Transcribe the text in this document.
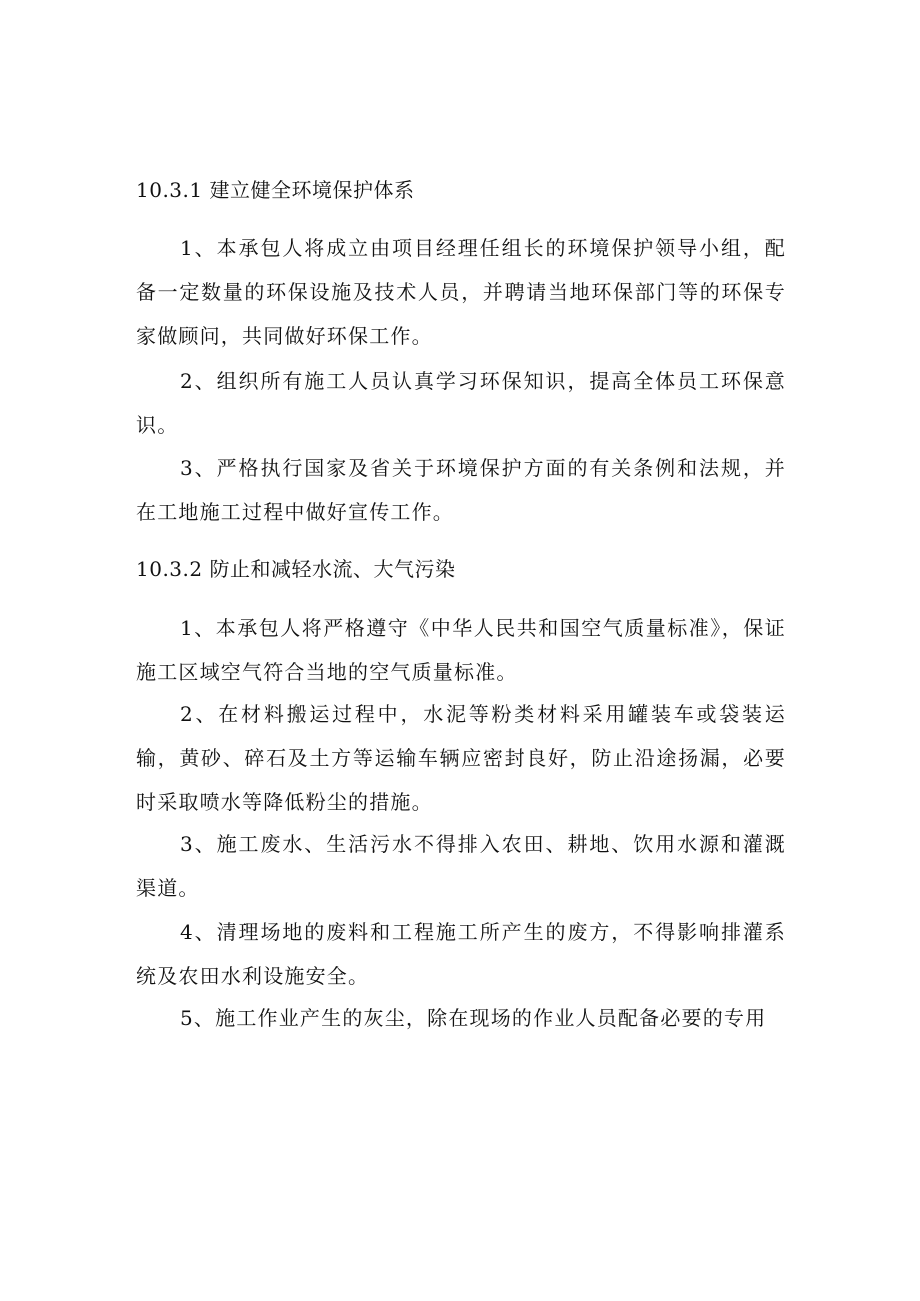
10.3.1 建立健全环境保护体系

1、本承包人将成立由项目经理任组长的环境保护领导小组，配备一定数量的环保设施及技术人员，并聘请当地环保部门等的环保专家做顾问，共同做好环保工作。

2、组织所有施工人员认真学习环保知识，提高全体员工环保意识。

3、严格执行国家及省关于环境保护方面的有关条例和法规，并在工地施工过程中做好宣传工作。

10.3.2 防止和减轻水流、大气污染

1、本承包人将严格遵守《中华人民共和国空气质量标准》，保证施工区域空气符合当地的空气质量标准。

2、在材料搬运过程中，水泥等粉类材料采用罐装车或袋装运输，黄砂、碎石及土方等运输车辆应密封良好，防止沿途扬漏，必要时采取喷水等降低粉尘的措施。

3、施工废水、生活污水不得排入农田、耕地、饮用水源和灌溉渠道。

4、清理场地的废料和工程施工所产生的废方，不得影响排灌系统及农田水利设施安全。

5、施工作业产生的灰尘，除在现场的作业人员配备必要的专用
